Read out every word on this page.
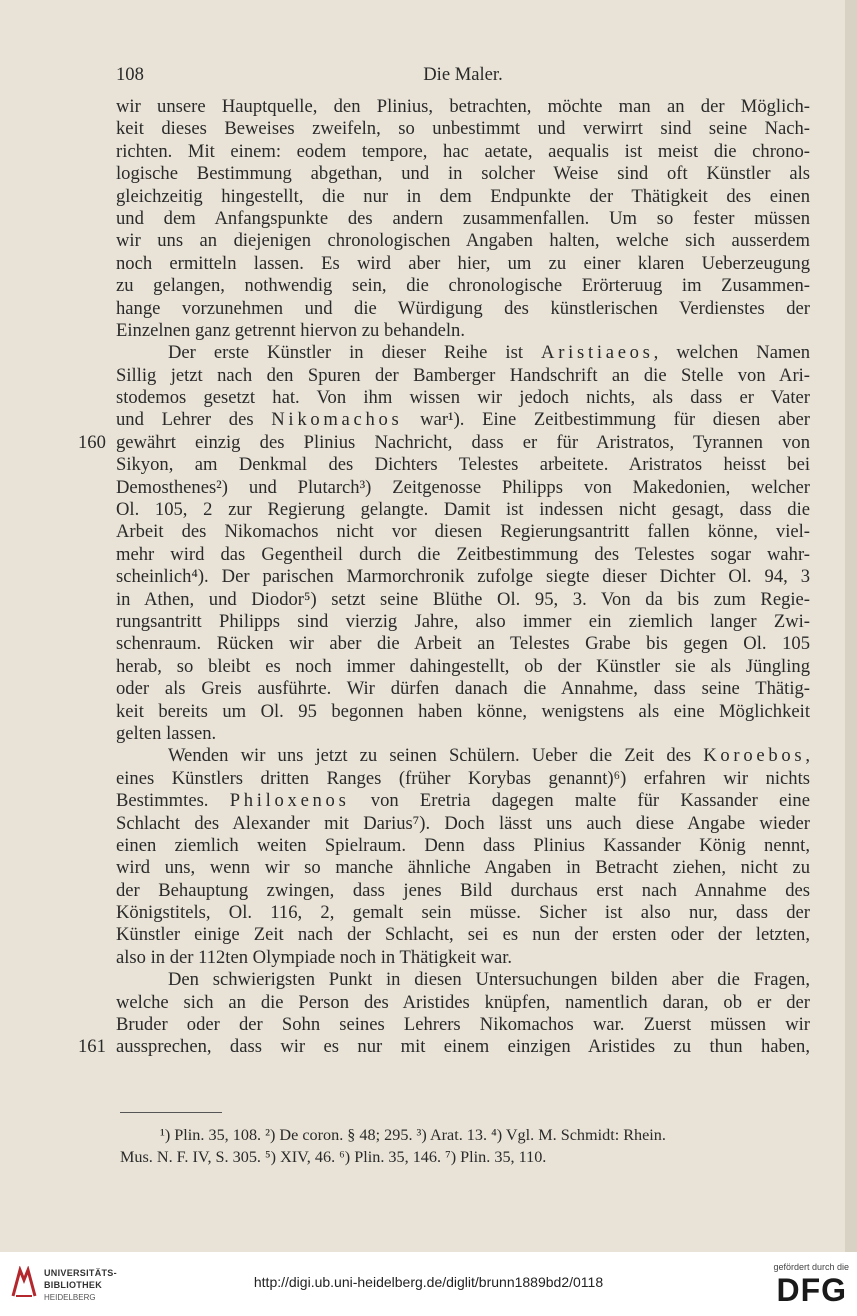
108	Die Maler.
wir unsere Hauptquelle, den Plinius, betrachten, möchte man an der Möglich-
keit dieses Beweises zweifeln, so unbestimmt und verwirrt sind seine Nach-
richten. Mit einem: eodem tempore, hac aetate, aequalis ist meist die chrono-
logische Bestimmung abgethan, und in solcher Weise sind oft Künstler als
gleichzeitig hingestellt, die nur in dem Endpunkte der Thätigkeit des einen
und dem Anfangspunkte des andern zusammenfallen. Um so fester müssen
wir uns an diejenigen chronologischen Angaben halten, welche sich ausserdem
noch ermitteln lassen. Es wird aber hier, um zu einer klaren Ueberzeugung
zu gelangen, nothwendig sein, die chronologische Erörteruug im Zusammen-
hange vorzunehmen und die Würdigung des künstlerischen Verdienstes der
Einzelnen ganz getrennt hiervon zu behandeln.
Der erste Künstler in dieser Reihe ist Aristiaeos, welchen Namen
Sillig jetzt nach den Spuren der Bamberger Handschrift an die Stelle von Ari-
stodemos gesetzt hat. Von ihm wissen wir jedoch nichts, als dass er Vater
und Lehrer des Nikomachos war¹). Eine Zeitbestimmung für diesen aber
gewährt einzig des Plinius Nachricht, dass er für Aristratos, Tyrannen von
160
Sikyon, am Denkmal des Dichters Telestes arbeitete. Aristratos heisst bei
Demosthenes²) und Plutarch³) Zeitgenosse Philipps von Makedonien, welcher
Ol. 105, 2 zur Regierung gelangte. Damit ist indessen nicht gesagt, dass die
Arbeit des Nikomachos nicht vor diesen Regierungsantritt fallen könne, viel-
mehr wird das Gegentheil durch die Zeitbestimmung des Telestes sogar wahr-
scheinlich⁴). Der parischen Marmorchronik zufolge siegte dieser Dichter Ol. 94, 3
in Athen, und Diodor⁵) setzt seine Blüthe Ol. 95, 3. Von da bis zum Regie-
rungsantritt Philipps sind vierzig Jahre, also immer ein ziemlich langer Zwi-
schenraum. Rücken wir aber die Arbeit an Telestes Grabe bis gegen Ol. 105
herab, so bleibt es noch immer dahingestellt, ob der Künstler sie als Jüngling
oder als Greis ausführte. Wir dürfen danach die Annahme, dass seine Thätig-
keit bereits um Ol. 95 begonnen haben könne, wenigstens als eine Möglichkeit
gelten lassen.
Wenden wir uns jetzt zu seinen Schülern. Ueber die Zeit des Koroebos,
eines Künstlers dritten Ranges (früher Korybas genannt)⁶) erfahren wir nichts
Bestimmtes. Philoxenos von Eretria dagegen malte für Kassander eine
Schlacht des Alexander mit Darius⁷). Doch lässt uns auch diese Angabe wieder
einen ziemlich weiten Spielraum. Denn dass Plinius Kassander König nennt,
wird uns, wenn wir so manche ähnliche Angaben in Betracht ziehen, nicht zu
der Behauptung zwingen, dass jenes Bild durchaus erst nach Annahme des
Königstitels, Ol. 116, 2, gemalt sein müsse. Sicher ist also nur, dass der
Künstler einige Zeit nach der Schlacht, sei es nun der ersten oder der letzten,
also in der 112ten Olympiade noch in Thätigkeit war.
Den schwierigsten Punkt in diesen Untersuchungen bilden aber die Fragen,
welche sich an die Person des Aristides knüpfen, namentlich daran, ob er der
Bruder oder der Sohn seines Lehrers Nikomachos war. Zuerst müssen wir
aussprechen, dass wir es nur mit einem einzigen Aristides zu thun haben,
161
¹) Plin. 35, 108. ²) De coron. § 48; 295. ³) Arat. 13. ⁴) Vgl. M. Schmidt: Rhein.
Mus. N. F. IV, S. 305. ⁵) XIV, 46. ⁶) Plin. 35, 146. ⁷) Plin. 35, 110.
UNIVERSITÄTS-
BIBLIOTHEK
HEIDELBERG
http://digi.ub.uni-heidelberg.de/diglit/brunn1889bd2/0118
gefördert durch die
DFG
